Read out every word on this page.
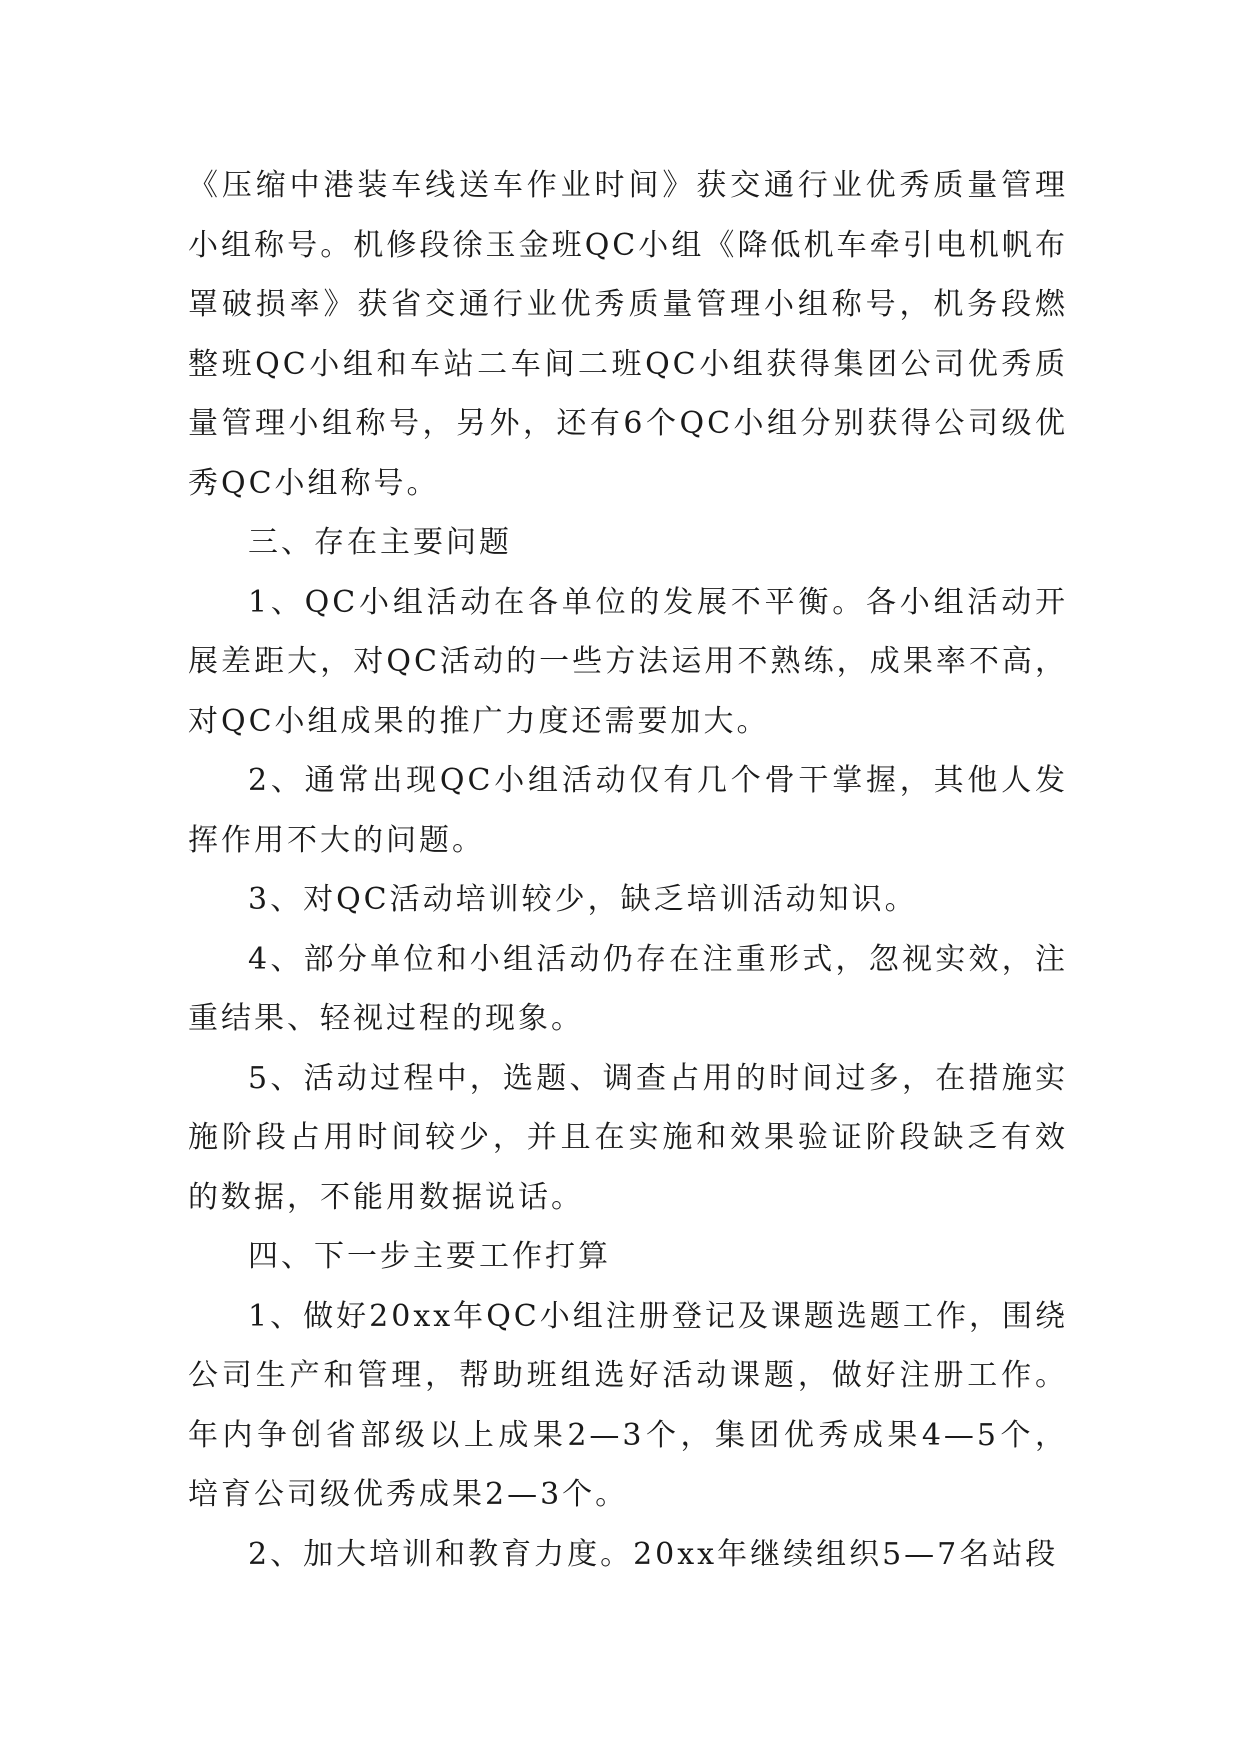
《压缩中港装车线送车作业时间》获交通行业优秀质量管理小组称号。机修段徐玉金班QC小组《降低机车牵引电机帆布罩破损率》获省交通行业优秀质量管理小组称号，机务段燃整班QC小组和车站二车间二班QC小组获得集团公司优秀质量管理小组称号，另外，还有6个QC小组分别获得公司级优秀QC小组称号。

三、存在主要问题

1、QC小组活动在各单位的发展不平衡。各小组活动开展差距大，对QC活动的一些方法运用不熟练，成果率不高，对QC小组成果的推广力度还需要加大。

2、通常出现QC小组活动仅有几个骨干掌握，其他人发挥作用不大的问题。

3、对QC活动培训较少，缺乏培训活动知识。

4、部分单位和小组活动仍存在注重形式，忽视实效，注重结果、轻视过程的现象。

5、活动过程中，选题、调查占用的时间过多，在措施实施阶段占用时间较少，并且在实施和效果验证阶段缺乏有效的数据，不能用数据说话。

四、下一步主要工作打算

1、做好20xx年QC小组注册登记及课题选题工作，围绕公司生产和管理，帮助班组选好活动课题，做好注册工作。年内争创省部级以上成果2—3个，集团优秀成果4—5个，培育公司级优秀成果2—3个。

2、加大培训和教育力度。20xx年继续组织5—7名站段
